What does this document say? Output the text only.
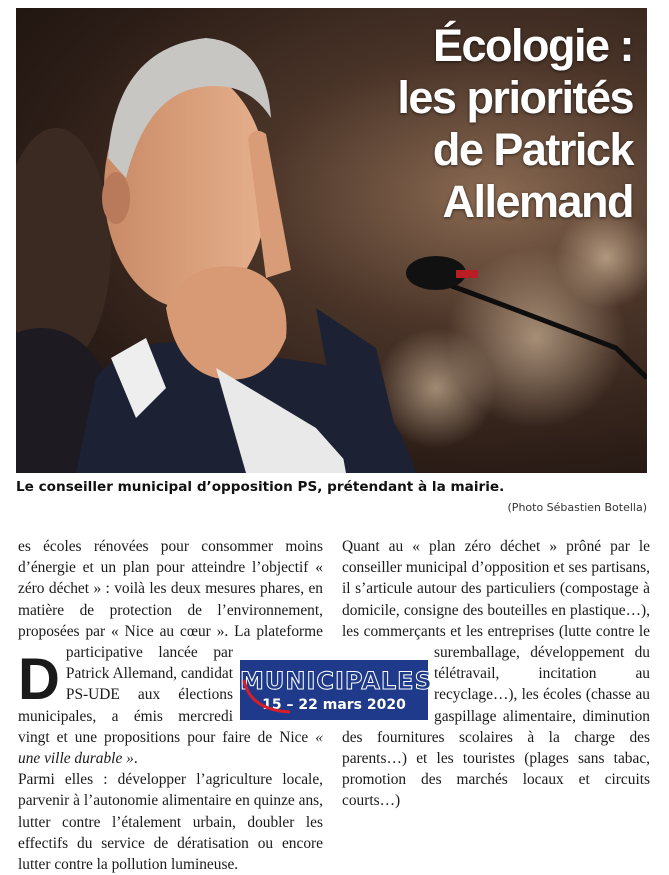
Écologie :
les priorités
de Patrick
Allemand
Le conseiller municipal d’opposition PS, prétendant à la mairie.
(Photo Sébastien Botella)

D
es écoles rénovées pour consommer moins d’énergie et un plan pour atteindre l’objectif « zéro déchet » : voilà les deux mesures phares, en matière de protection de l’environnement, proposées par « Nice au cœur ». La plateforme participative lancée par Patrick Allemand, candidat PS-UDE aux élections municipales, a émis mercredi vingt et une propositions pour faire de Nice « une ville durable ».

Parmi elles : développer l’agriculture locale, parvenir à l’autonomie alimentaire en quinze ans, lutter contre l’étalement urbain, doubler les effectifs du service de dératisation ou encore lutter contre la pollution lumineuse.

Quant au « plan zéro déchet » prôné par le conseiller municipal d’opposition et ses partisans, il s’articule autour des particuliers (compostage à domicile, consigne des bouteilles en plastique…), les commerçants et les entreprises (lutte contre le suremballage, développement du télétravail, incitation au recyclage…), les écoles (chasse au gaspillage alimentaire, diminution des fournitures scolaires à la charge des parents…) et les touristes (plages sans tabac, promotion des marchés locaux et circuits courts…)

MUNICIPALES
15 – 22 mars 2020
